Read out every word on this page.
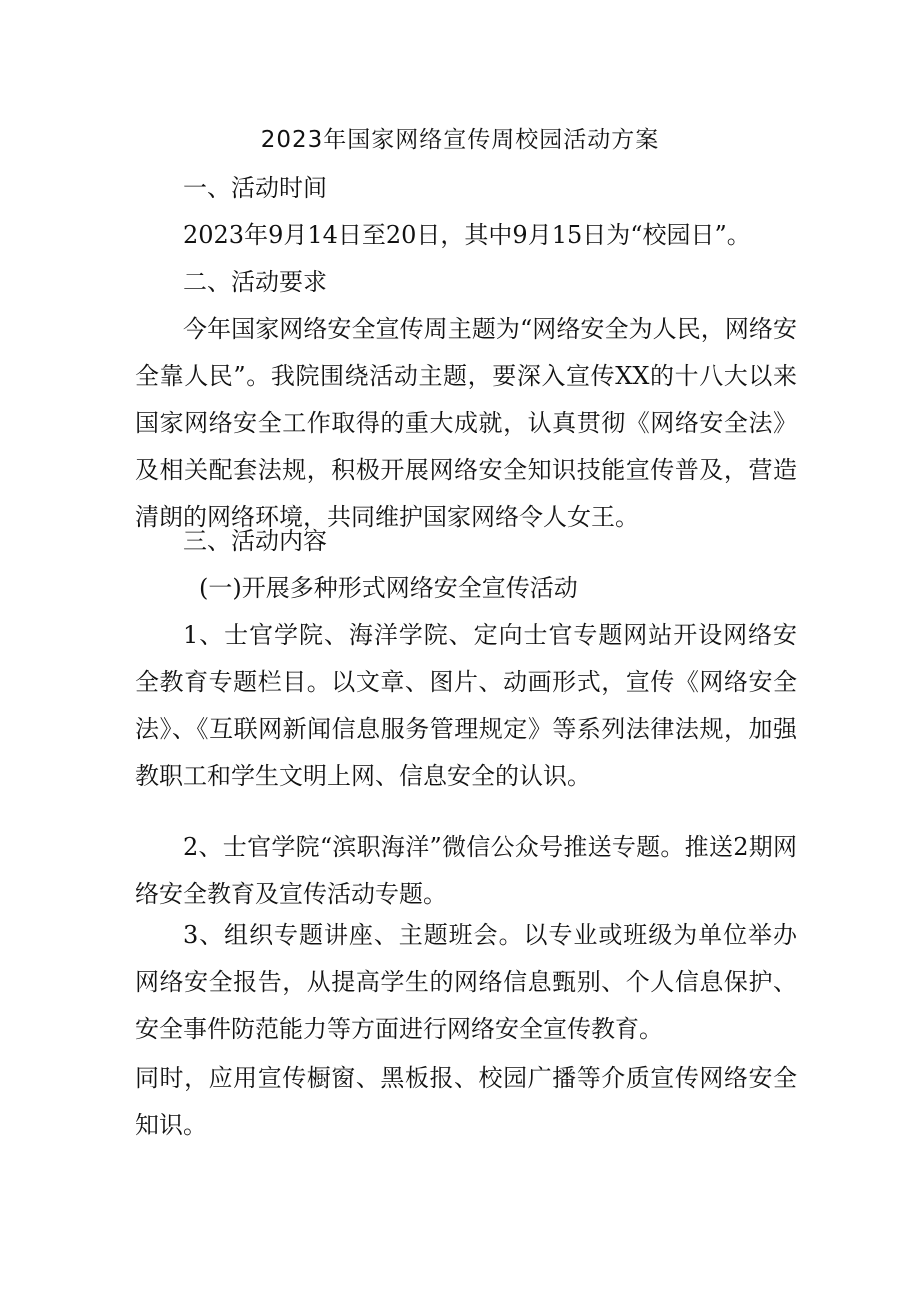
2023年国家网络宣传周校园活动方案

一、活动时间

2023年9月14日至20日，其中9月15日为“校园日”。

二、活动要求

今年国家网络安全宣传周主题为“网络安全为人民，网络安全靠人民”。我院围绕活动主题，要深入宣传XX的十八大以来国家网络安全工作取得的重大成就，认真贯彻《网络安全法》及相关配套法规，积极开展网络安全知识技能宣传普及，营造清朗的网络环境，共同维护国家网络令人女王。

三、活动内容

(一)开展多种形式网络安全宣传活动

1、士官学院、海洋学院、定向士官专题网站开设网络安全教育专题栏目。以文章、图片、动画形式，宣传《网络安全法》、《互联网新闻信息服务管理规定》等系列法律法规，加强教职工和学生文明上网、信息安全的认识。

2、士官学院“滨职海洋”微信公众号推送专题。推送2期网络安全教育及宣传活动专题。

3、组织专题讲座、主题班会。以专业或班级为单位举办网络安全报告，从提高学生的网络信息甄别、个人信息保护、安全事件防范能力等方面进行网络安全宣传教育。

同时，应用宣传橱窗、黑板报、校园广播等介质宣传网络安全知识。
